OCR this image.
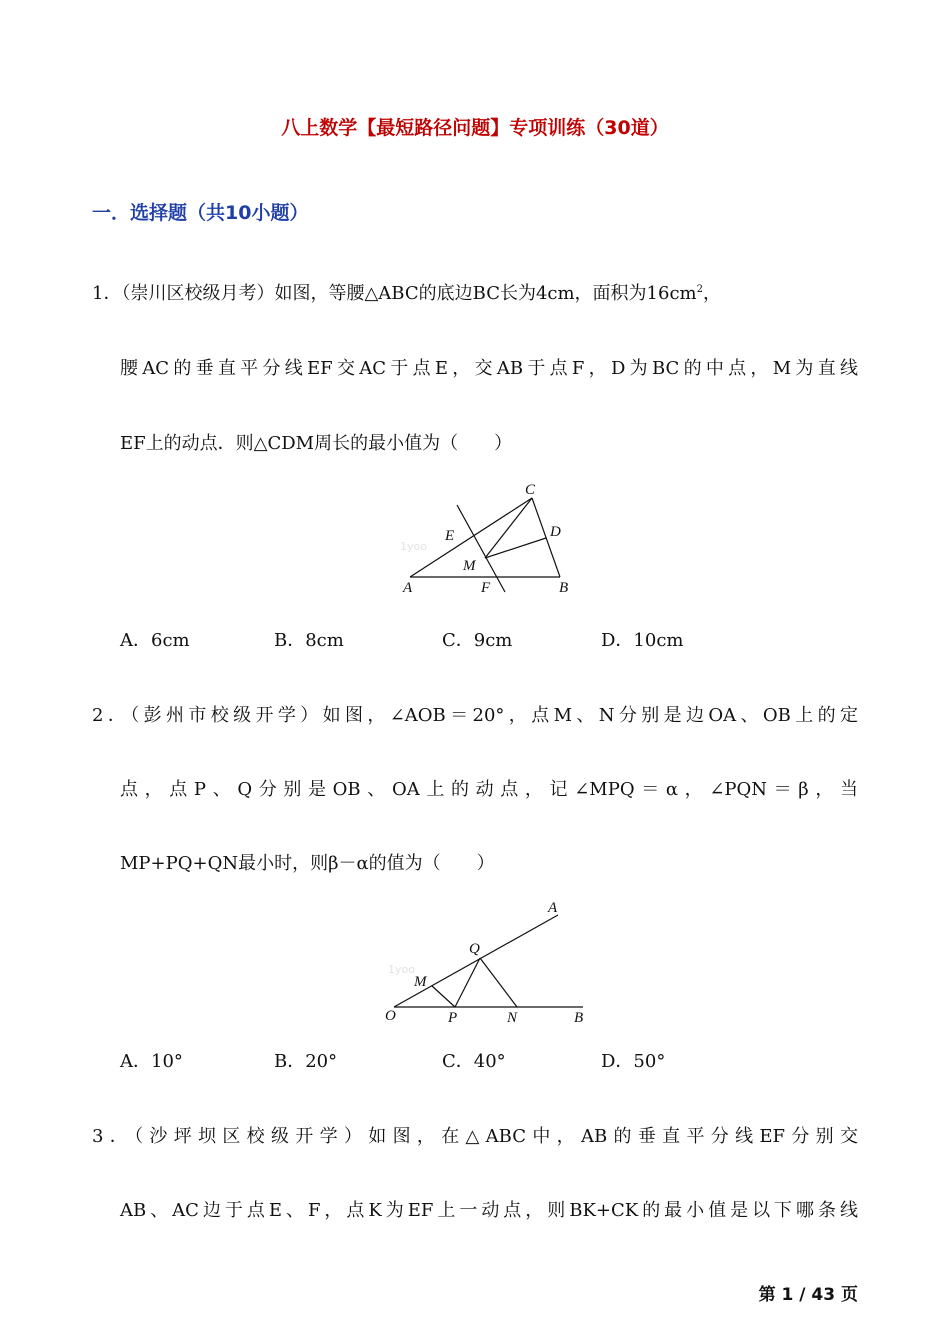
八上数学【最短路径问题】专项训练（30道）
一．选择题（共10小题）
1．（崇川区校级月考）如图，等腰△ABC的底边BC长为4cm，面积为$16cm^2$，
腰AC的垂直平分线EF交AC于点E，交AB于点F，D为BC的中点，M为直线
EF上的动点．则△CDM周长的最小值为（　　）
1yoo
C
D
E
M
A	F	B
A．6cm	B．8cm	C．9cm	D．10cm
2．（彭州市校级开学）如图，∠AOB＝20°，点M、N分别是边OA、OB上的定
点，点P、Q分别是OB、OA上的动点，记∠MPQ＝α，∠PQN＝β，当
MP+PQ+QN最小时，则β－α的值为（　　）
1yoo
A
Q
M
O	P	N	B
A．10°	B．20°	C．40°	D．50°
3．（沙坪坝区校级开学）如图，在△ABC中，AB的垂直平分线EF分别交
AB、AC边于点E、F，点K为EF上一动点，则BK+CK的最小值是以下哪条线
第 1 / 43 页
